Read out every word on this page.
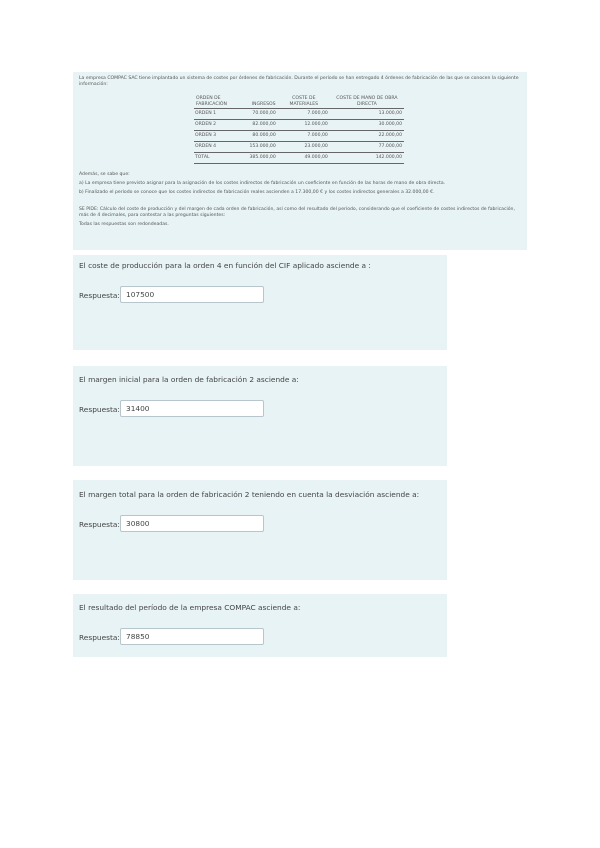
La empresa COMPAC SAC tiene implantado un sistema de costes por órdenes de fabricación. Durante el período se han entregado 4 órdenes de fabricación de las que se conocen la siguiente información:

ORDEN DE FABRICACIÓN	INGRESOS	COSTE DE MATERIALES	COSTE DE MANO DE OBRA DIRECTA
ORDEN 1	70.000,00	7.000,00	13.000,00
ORDEN 2	82.000,00	12.000,00	30.000,00
ORDEN 3	80.000,00	7.000,00	22.000,00
ORDEN 4	153.000,00	23.000,00	77.000,00
TOTAL	385.000,00	49.000,00	142.000,00

Además, se sabe que:

a) La empresa tiene previsto asignar para la asignación de los costes indirectos de fabricación un coeficiente en función de las horas de mano de obra directa.

b) Finalizado el período se conoce que los costes indirectos de fabricación reales ascienden a 17.300,00 € y los costes indirectos generales a 32.000,00 €.

SE PIDE: Cálculo del coste de producción y del margen de cada orden de fabricación, así como del resultado del período, considerando que el coeficiente de costes indirectos de fabricación, más de 4 decimales, para contestar a las preguntas siguientes:

Todas las respuestas son redondeadas.

El coste de producción para la orden 4 en función del CIF aplicado asciende a :
Respuesta: 107500
El margen inicial para la orden de fabricación 2 asciende a:
Respuesta: 31400
El margen total para la orden de fabricación 2 teniendo en cuenta la desviación asciende a:
Respuesta: 30800
El resultado del período de la empresa COMPAC asciende a:
Respuesta: 78850
